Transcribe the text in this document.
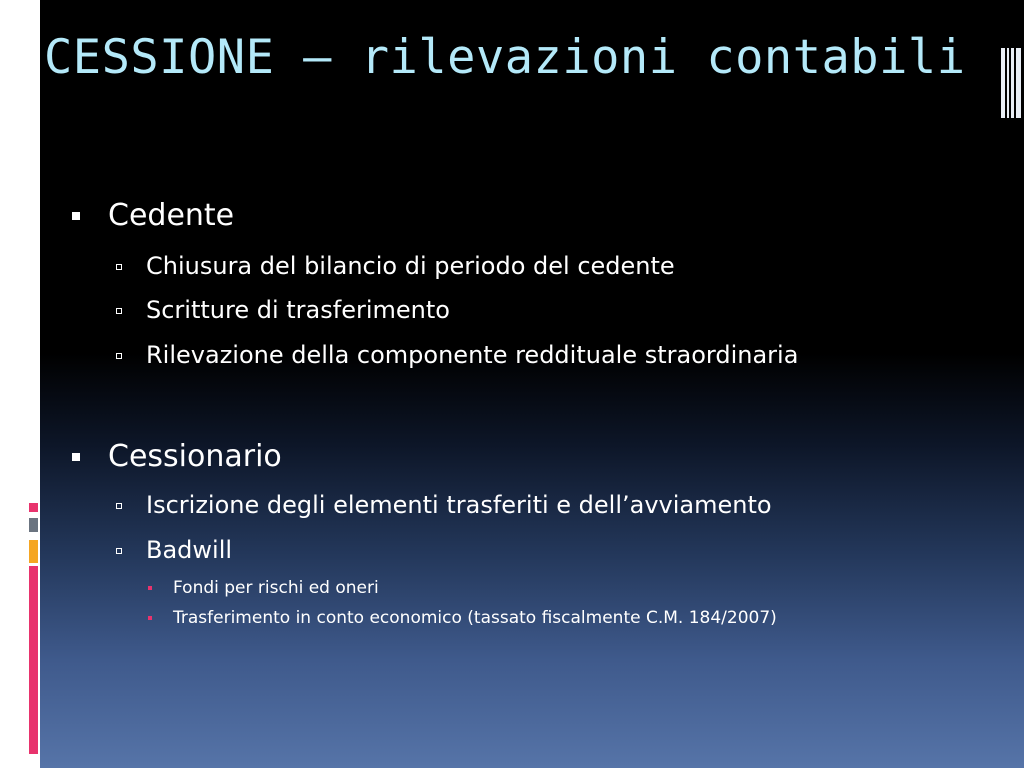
CESSIONE – rilevazioni contabili
Cedente
Chiusura del bilancio di periodo del cedente
Scritture di trasferimento
Rilevazione della componente reddituale straordinaria
Cessionario
Iscrizione degli elementi trasferiti e dell’avviamento
Badwill
Fondi per rischi ed oneri
Trasferimento in conto economico (tassato fiscalmente C.M. 184/2007)
